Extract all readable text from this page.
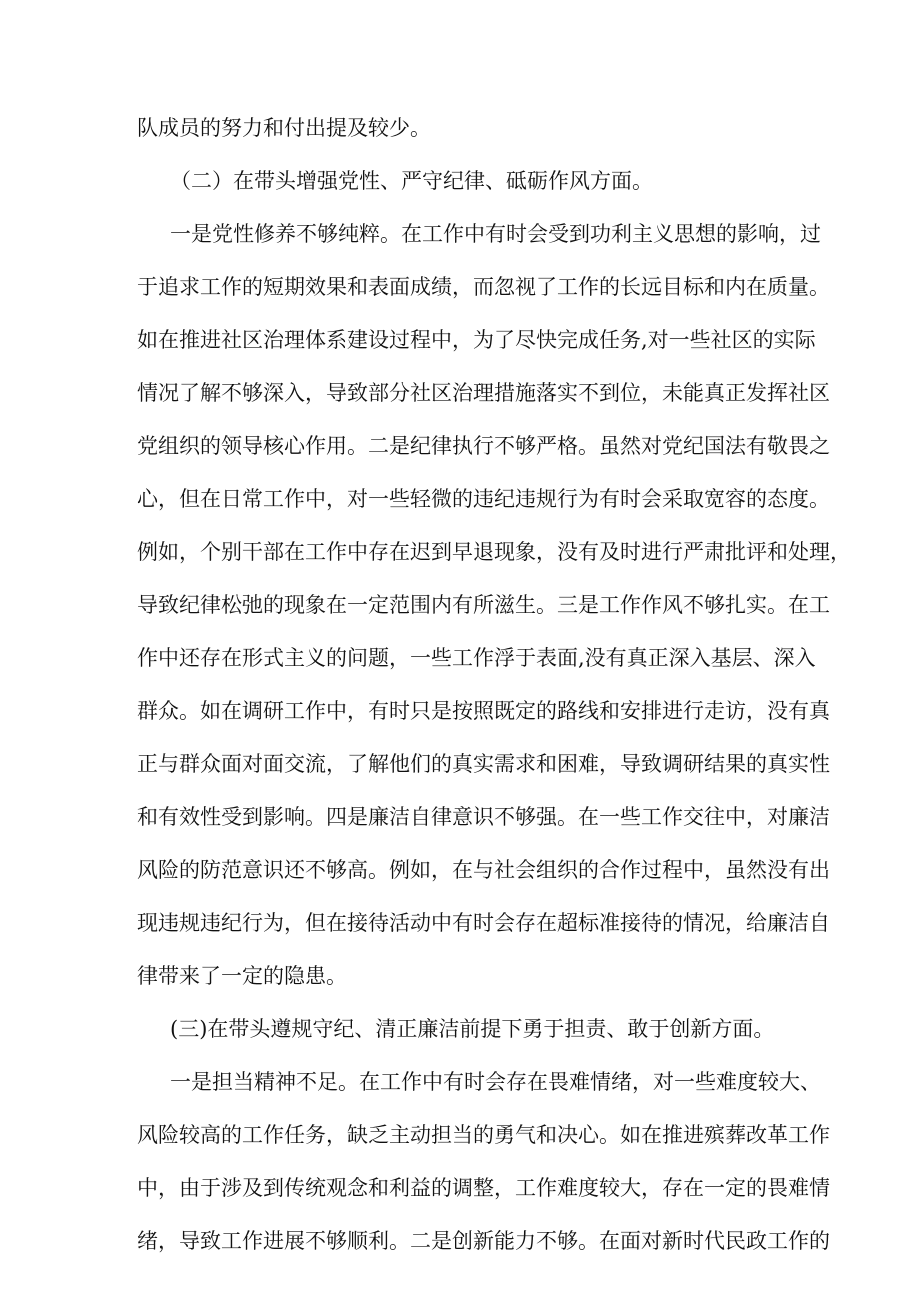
队成员的努力和付出提及较少。
（二）在带头增强党性、严守纪律、砥砺作风方面。
一是党性修养不够纯粹。在工作中有时会受到功利主义思想的影响，过
于追求工作的短期效果和表面成绩，而忽视了工作的长远目标和内在质量。
如在推进社区治理体系建设过程中，为了尽快完成任务,对一些社区的实际
情况了解不够深入，导致部分社区治理措施落实不到位，未能真正发挥社区
党组织的领导核心作用。二是纪律执行不够严格。虽然对党纪国法有敬畏之
心，但在日常工作中，对一些轻微的违纪违规行为有时会采取宽容的态度。
例如，个别干部在工作中存在迟到早退现象，没有及时进行严肃批评和处理，
导致纪律松弛的现象在一定范围内有所滋生。三是工作作风不够扎实。在工
作中还存在形式主义的问题，一些工作浮于表面,没有真正深入基层、深入
群众。如在调研工作中，有时只是按照既定的路线和安排进行走访，没有真
正与群众面对面交流，了解他们的真实需求和困难，导致调研结果的真实性
和有效性受到影响。四是廉洁自律意识不够强。在一些工作交往中，对廉洁
风险的防范意识还不够高。例如，在与社会组织的合作过程中，虽然没有出
现违规违纪行为，但在接待活动中有时会存在超标准接待的情况，给廉洁自
律带来了一定的隐患。
(三)在带头遵规守纪、清正廉洁前提下勇于担责、敢于创新方面。
一是担当精神不足。在工作中有时会存在畏难情绪，对一些难度较大、
风险较高的工作任务，缺乏主动担当的勇气和决心。如在推进殡葬改革工作
中，由于涉及到传统观念和利益的调整，工作难度较大，存在一定的畏难情
绪，导致工作进展不够顺利。二是创新能力不够。在面对新时代民政工作的
